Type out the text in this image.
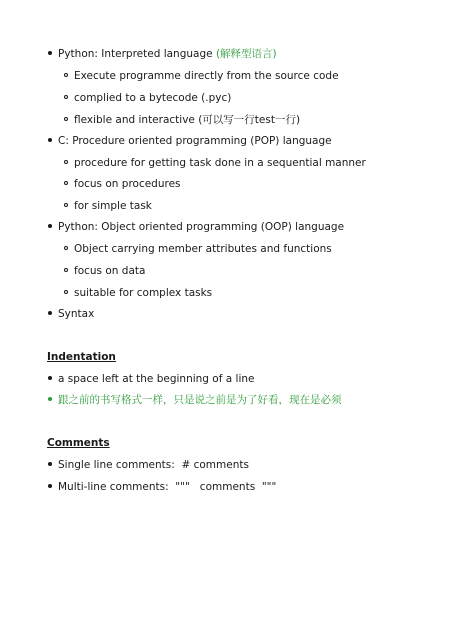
Python: Interpreted language (解释型语言)
Execute programme directly from the source code
complied to a bytecode (.pyc)
flexible and interactive (可以写一行test一行)
C: Procedure oriented programming (POP) language
procedure for getting task done in a sequential manner
focus on procedures
for simple task
Python: Object oriented programming (OOP) language
Object carrying member attributes and functions
focus on data
suitable for complex tasks
Syntax
Indentation
a space left at the beginning of a line
跟之前的书写格式一样，只是说之前是为了好看，现在是必须
Comments
Single line comments:  # comments
Multi-line comments:  """   comments  """
